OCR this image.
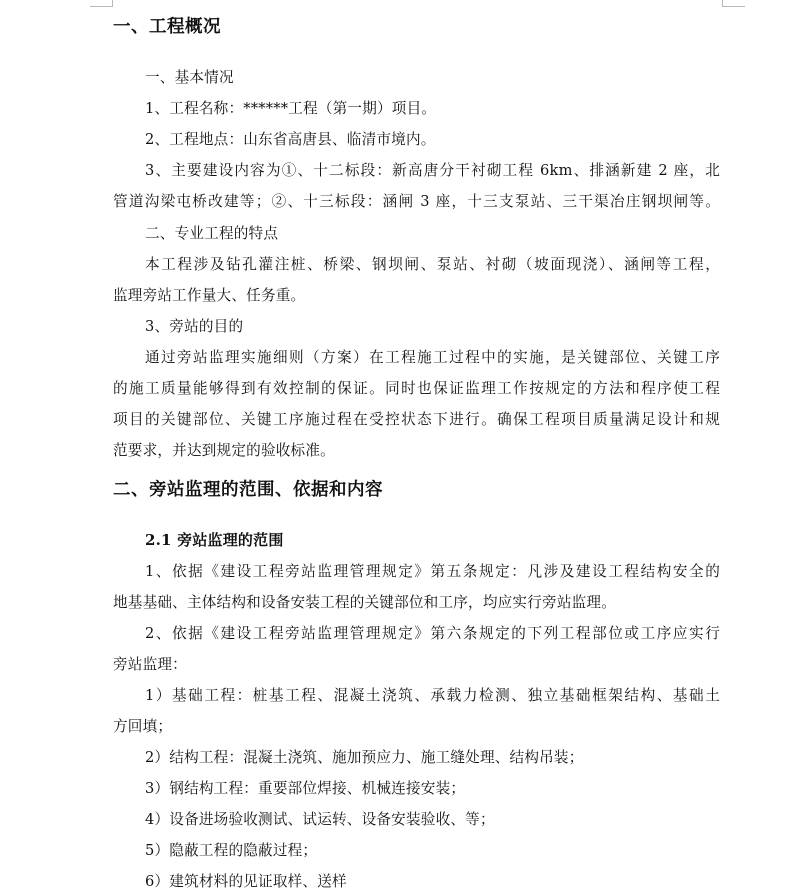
一、工程概况
一、基本情况
1、工程名称：******工程（第一期）项目。
2、工程地点：山东省高唐县、临清市境内。
3、主要建设内容为①、十二标段：新高唐分干衬砌工程 6km、排涵新建 2 座，北
管道沟梁屯桥改建等；②、十三标段：涵闸 3 座，十三支泵站、三干渠冶庄钢坝闸等。
二、专业工程的特点
本工程涉及钻孔灌注桩、桥梁、钢坝闸、泵站、衬砌（坡面现浇）、涵闸等工程，
监理旁站工作量大、任务重。
3、旁站的目的
通过旁站监理实施细则（方案）在工程施工过程中的实施，是关键部位、关键工序
的施工质量能够得到有效控制的保证。同时也保证监理工作按规定的方法和程序使工程
项目的关键部位、关键工序施过程在受控状态下进行。确保工程项目质量满足设计和规
范要求，并达到规定的验收标准。
二、旁站监理的范围、依据和内容
2.1 旁站监理的范围
1、依据《建设工程旁站监理管理规定》第五条规定：凡涉及建设工程结构安全的
地基基础、主体结构和设备安装工程的关键部位和工序，均应实行旁站监理。
2、依据《建设工程旁站监理管理规定》第六条规定的下列工程部位或工序应实行
旁站监理：
1）基础工程：桩基工程、混凝土浇筑、承载力检测、独立基础框架结构、基础土
方回填；
2）结构工程：混凝土浇筑、施加预应力、施工缝处理、结构吊装；
3）钢结构工程：重要部位焊接、机械连接安装；
4）设备进场验收测试、试运转、设备安装验收、等；
5）隐蔽工程的隐蔽过程；
6）建筑材料的见证取样、送样
